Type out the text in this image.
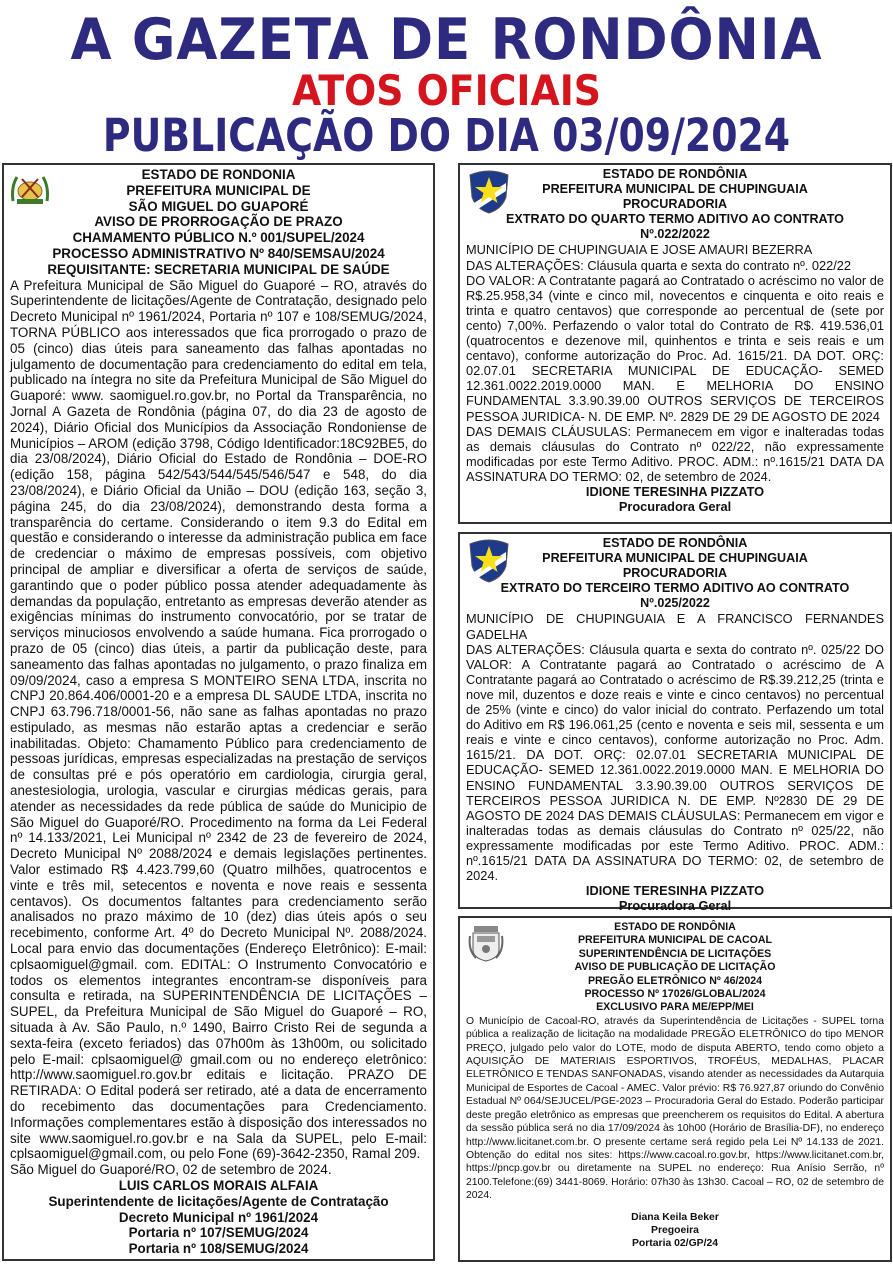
A GAZETA DE RONDÔNIA
ATOS OFICIAIS
PUBLICAÇÃO DO DIA 03/09/2024
ESTADO DE RONDONIA
PREFEITURA MUNICIPAL DE
SÃO MIGUEL DO GUAPORÉ
AVISO DE PRORROGAÇÃO DE PRAZO
CHAMAMENTO PÚBLICO N.º 001/SUPEL/2024
PROCESSO ADMINISTRATIVO Nº 840/SEMSAU/2024
REQUISITANTE: SECRETARIA MUNICIPAL DE SAÚDE

A Prefeitura Municipal de São Miguel do Guaporé – RO, através do Superintendente de licitações/Agente de Contratação, designado pelo Decreto Municipal nº 1961/2024, Portaria nº 107 e 108/SEMUG/2024, TORNA PÚBLICO aos interessados que fica prorrogado o prazo de 05 (cinco) dias úteis para saneamento das falhas apontadas no julgamento de documentação para credenciamento do edital em tela, publicado na íntegra no site da Prefeitura Municipal de São Miguel do Guaporé: www. saomiguel.ro.gov.br, no Portal da Transparência, no Jornal A Gazeta de Rondônia (página 07, do dia 23 de agosto de 2024), Diário Oficial dos Municípios da Associação Rondoniense de Municípios – AROM (edição 3798, Código Identificador:18C92BE5, do dia 23/08/2024), Diário Oficial do Estado de Rondônia – DOE-RO (edição 158, página 542/543/544/545/546/547 e 548, do dia 23/08/2024), e Diário Oficial da União – DOU (edição 163, seção 3, página 245, do dia 23/08/2024), demonstrando desta forma a transparência do certame. Considerando o item 9.3 do Edital em questão e considerando o interesse da administração publica em face de credenciar o máximo de empresas possíveis, com objetivo principal de ampliar e diversificar a oferta de serviços de saúde, garantindo que o poder público possa atender adequadamente às demandas da população, entretanto as empresas deverão atender as exigências mínimas do instrumento convocatório, por se tratar de serviços minuciosos envolvendo a saúde humana. Fica prorrogado o prazo de 05 (cinco) dias úteis, a partir da publicação deste, para saneamento das falhas apontadas no julgamento, o prazo finaliza em 09/09/2024, caso a empresa S MONTEIRO SENA LTDA, inscrita no CNPJ 20.864.406/0001-20 e a empresa DL SAUDE LTDA, inscrita no CNPJ 63.796.718/0001-56, não sane as falhas apontadas no prazo estipulado, as mesmas não estarão aptas a credenciar e serão inabilitadas. Objeto: Chamamento Público para credenciamento de pessoas jurídicas, empresas especializadas na prestação de serviços de consultas pré e pós operatório em cardiologia, cirurgia geral, anestesiologia, urologia, vascular e cirurgias médicas gerais, para atender as necessidades da rede pública de saúde do Municipio de São Miguel do Guaporé/RO. Procedimento na forma da Lei Federal nº 14.133/2021, Lei Municipal nº 2342 de 23 de fevereiro de 2024, Decreto Municipal Nº 2088/2024 e demais legislações pertinentes. Valor estimado R$ 4.423.799,60 (Quatro milhões, quatrocentos e vinte e três mil, setecentos e noventa e nove reais e sessenta centavos). Os documentos faltantes para credenciamento serão analisados no prazo máximo de 10 (dez) dias úteis após o seu recebimento, conforme Art. 4º do Decreto Municipal Nº. 2088/2024. Local para envio das documentações (Endereço Eletrônico): E-mail: cplsaomiguel@gmail. com. EDITAL: O Instrumento Convocatório e todos os elementos integrantes encontram-se disponíveis para consulta e retirada, na SUPERINTENDÊNCIA DE LICITAÇÕES – SUPEL, da Prefeitura Municipal de São Miguel do Guaporé – RO, situada à Av. São Paulo, n.º 1490, Bairro Cristo Rei de segunda a sexta-feira (exceto feriados) das 07h00m às 13h00m, ou solicitado pelo E-mail: cplsaomiguel@ gmail.com ou no endereço eletrônico: http://www.saomiguel.ro.gov.br editais e licitação. PRAZO DE RETIRADA: O Edital poderá ser retirado, até a data de encerramento do recebimento das documentações para Credenciamento. Informações complementares estão à disposição dos interessados no site www.saomiguel.ro.gov.br e na Sala da SUPEL, pelo E-mail: cplsaomiguel@gmail.com, ou pelo Fone (69)-3642-2350, Ramal 209.

São Miguel do Guaporé/RO, 02 de setembro de 2024.

LUIS CARLOS MORAIS ALFAIA
Superintendente de licitações/Agente de Contratação
Decreto Municipal nº 1961/2024
Portaria nº 107/SEMUG/2024
Portaria nº 108/SEMUG/2024
ESTADO DE RONDÔNIA
PREFEITURA MUNICIPAL DE CHUPINGUAIA
PROCURADORIA
EXTRATO DO QUARTO TERMO ADITIVO AO CONTRATO
Nº.022/2022

MUNICÍPIO DE CHUPINGUAIA E JOSE AMAURI BEZERRA

DAS ALTERAÇÕES: Cláusula quarta e sexta do contrato nº. 022/22

DO VALOR: A Contratante pagará ao Contratado o acréscimo no valor de R$.25.958,34 (vinte e cinco mil, novecentos e cinquenta e oito reais e trinta e quatro centavos) que corresponde ao percentual de (sete por cento) 7,00%. Perfazendo o valor total do Contrato de R$. 419.536,01 (quatrocentos e dezenove mil, quinhentos e trinta e seis reais e um centavo), conforme autorização do Proc. Ad. 1615/21. DA DOT. ORÇ: 02.07.01 SECRETARIA MUNICIPAL DE EDUCAÇÃO- SEMED 12.361.0022.2019.0000 MAN. E MELHORIA DO ENSINO FUNDAMENTAL 3.3.90.39.00 OUTROS SERVIÇOS DE TERCEIROS PESSOA JURIDICA- N. DE EMP. Nº. 2829 DE 29 DE AGOSTO DE 2024

DAS DEMAIS CLÁUSULAS: Permanecem em vigor e inalteradas todas as demais cláusulas do Contrato nº 022/22, não expressamente modificadas por este Termo Aditivo. PROC. ADM.: nº.1615/21 DATA DA ASSINATURA DO TERMO: 02, de setembro de 2024.

IDIONE TERESINHA PIZZATO
Procuradora Geral
ESTADO DE RONDÔNIA
PREFEITURA MUNICIPAL DE CHUPINGUAIA
PROCURADORIA
EXTRATO DO TERCEIRO TERMO ADITIVO AO CONTRATO
Nº.025/2022

MUNICÍPIO DE CHUPINGUAIA E A FRANCISCO FERNANDES GADELHA

DAS ALTERAÇÕES: Cláusula quarta e sexta do contrato nº. 025/22 DO VALOR: A Contratante pagará ao Contratado o acréscimo de A Contratante pagará ao Contratado o acréscimo de R$.39.212,25 (trinta e nove mil, duzentos e doze reais e vinte e cinco centavos) no percentual de 25% (vinte e cinco) do valor inicial do contrato. Perfazendo um total do Aditivo em R$ 196.061,25 (cento e noventa e seis mil, sessenta e um reais e vinte e cinco centavos), conforme autorização no Proc. Adm. 1615/21. DA DOT. ORÇ: 02.07.01 SECRETARIA MUNICIPAL DE EDUCAÇÃO- SEMED 12.361.0022.2019.0000 MAN. E MELHORIA DO ENSINO FUNDAMENTAL 3.3.90.39.00 OUTROS SERVIÇOS DE TERCEIROS PESSOA JURIDICA N. DE EMP. Nº2830 DE 29 DE AGOSTO DE 2024 DAS DEMAIS CLÁUSULAS: Permanecem em vigor e inalteradas todas as demais cláusulas do Contrato nº 025/22, não expressamente modificadas por este Termo Aditivo. PROC. ADM.: nº.1615/21 DATA DA ASSINATURA DO TERMO: 02, de setembro de 2024.

IDIONE TERESINHA PIZZATO
Procuradora Geral
ESTADO DE RONDÔNIA
PREFEITURA MUNICIPAL DE CACOAL
SUPERINTENDÊNCIA DE LICITAÇÕES
AVISO DE PUBLICAÇÃO DE LICITAÇÃO
PREGÃO ELETRÔNICO Nº 46/2024
PROCESSO Nº 17026/GLOBAL/2024
EXCLUSIVO PARA ME/EPP/MEI

O Município de Cacoal-RO, através da Superintendência de Licitações - SUPEL torna pública a realização de licitação na modalidade PREGÃO ELETRÔNICO do tipo MENOR PREÇO, julgado pelo valor do LOTE, modo de disputa ABERTO, tendo como objeto a AQUISIÇÃO DE MATERIAIS ESPORTIVOS, TROFÉUS, MEDALHAS, PLACAR ELETRÔNICO E TENDAS SANFONADAS, visando atender as necessidades da Autarquia Municipal de Esportes de Cacoal - AMEC. Valor prévio: R$ 76.927,87 oriundo do Convênio Estadual Nº 064/SEJUCEL/PGE-2023 – Procuradoria Geral do Estado. Poderão participar deste pregão eletrônico as empresas que preencherem os requisitos do Edital. A abertura da sessão pública será no dia 17/09/2024 às 10h00 (Horário de Brasília-DF), no endereço http://www.licitanet.com.br. O presente certame será regido pela Lei Nº 14.133 de 2021. Obtenção do edital nos sites: https://www.cacoal.ro.gov.br, https://www.licitanet.com.br, https://pncp.gov.br ou diretamente na SUPEL no endereço: Rua Anísio Serrão, nº 2100.Telefone:(69) 3441-8069. Horário: 07h30 às 13h30. Cacoal – RO, 02 de setembro de 2024.

Diana Keila Beker
Pregoeira
Portaria 02/GP/24
